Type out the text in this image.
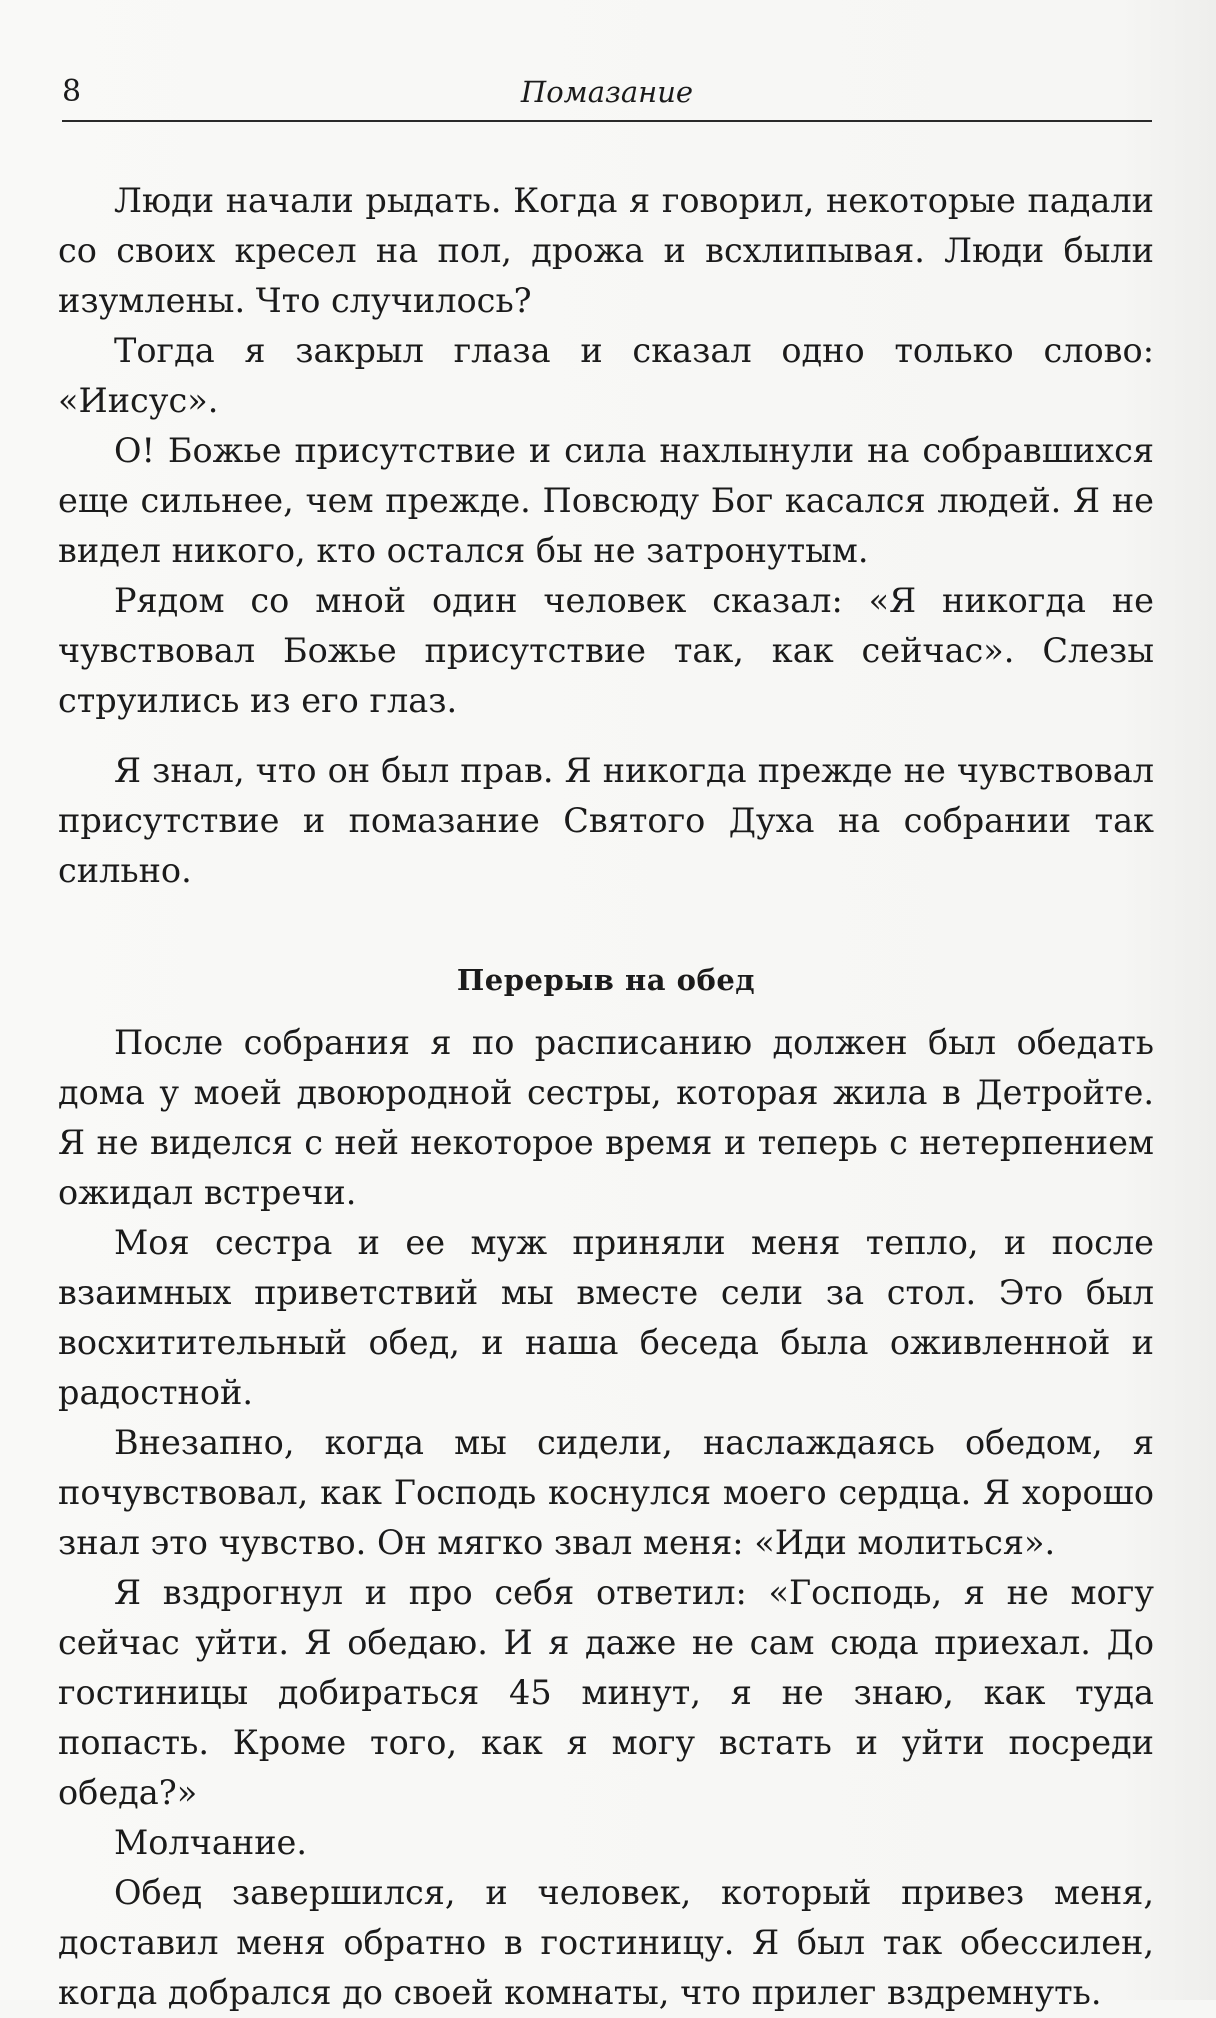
8	Помазание

Люди начали рыдать. Когда я говорил, некоторые падали со своих кресел на пол, дрожа и всхлипывая. Люди были изумлены. Что случилось?

Тогда я закрыл глаза и сказал одно только слово: «Иисус».

О! Божье присутствие и сила нахлынули на собравшихся еще сильнее, чем прежде. Повсюду Бог касался людей. Я не видел никого, кто остался бы не затронутым.

Рядом со мной один человек сказал: «Я никогда не чувствовал Божье присутствие так, как сейчас». Слезы струились из его глаз.

Я знал, что он был прав. Я никогда прежде не чувствовал присутствие и помазание Святого Духа на собрании так сильно.

Перерыв на обед

После собрания я по расписанию должен был обедать дома у моей двоюродной сестры, которая жила в Детройте. Я не виделся с ней некоторое время и теперь с нетерпением ожидал встречи.

Моя сестра и ее муж приняли меня тепло, и после взаимных приветствий мы вместе сели за стол. Это был восхитительный обед, и наша беседа была оживленной и радостной.

Внезапно, когда мы сидели, наслаждаясь обедом, я почувствовал, как Господь коснулся моего сердца. Я хорошо знал это чувство. Он мягко звал меня: «Иди молиться».

Я вздрогнул и про себя ответил: «Господь, я не могу сейчас уйти. Я обедаю. И я даже не сам сюда приехал. До гостиницы добираться 45 минут, я не знаю, как туда попасть. Кроме того, как я могу встать и уйти посреди обеда?»

Молчание.

Обед завершился, и человек, который привез меня, доставил меня обратно в гостиницу. Я был так обессилен, когда добрался до своей комнаты, что прилег вздремнуть.
